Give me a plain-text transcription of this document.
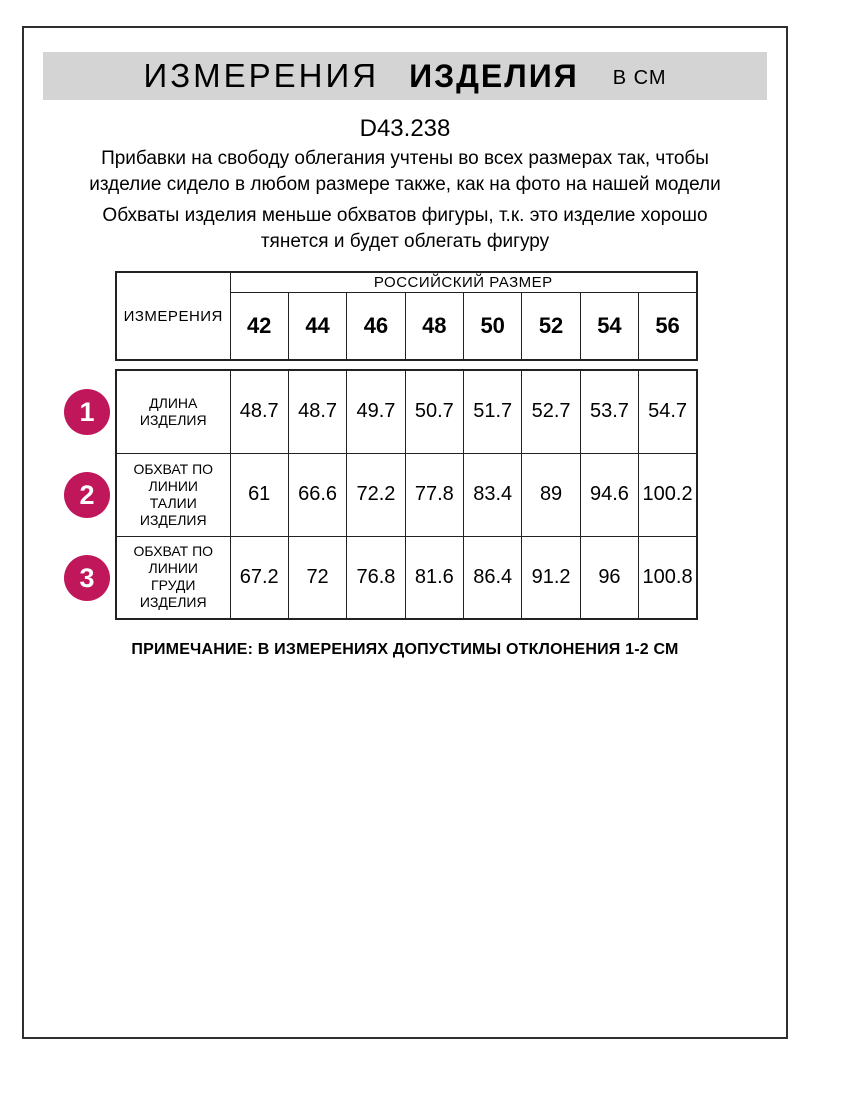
ИЗМЕРЕНИЯ ИЗДЕЛИЯ В СМ
D43.238

Прибавки на свободу облегания учтены во всех размерах так, чтобы изделие сидело в любом размере также, как на фото на нашей модели

Обхваты изделия меньше обхватов фигуры, т.к. это изделие хорошо тянется и будет облегать фигуру

1
2
3
ИЗМЕРЕНИЯ	РОССИЙСКИЙ РАЗМЕР							
	42	44	46	48	50	52	54	56
ДЛИНА ИЗДЕЛИЯ	48.7	48.7	49.7	50.7	51.7	52.7	53.7	54.7
ОБХВАТ ПО ЛИНИИ ТАЛИИ ИЗДЕЛИЯ	61	66.6	72.2	77.8	83.4	89	94.6	100.2
ОБХВАТ ПО ЛИНИИ ГРУДИ ИЗДЕЛИЯ	67.2	72	76.8	81.6	86.4	91.2	96	100.8
ПРИМЕЧАНИЕ: В ИЗМЕРЕНИЯХ ДОПУСТИМЫ ОТКЛОНЕНИЯ 1-2 СМ
